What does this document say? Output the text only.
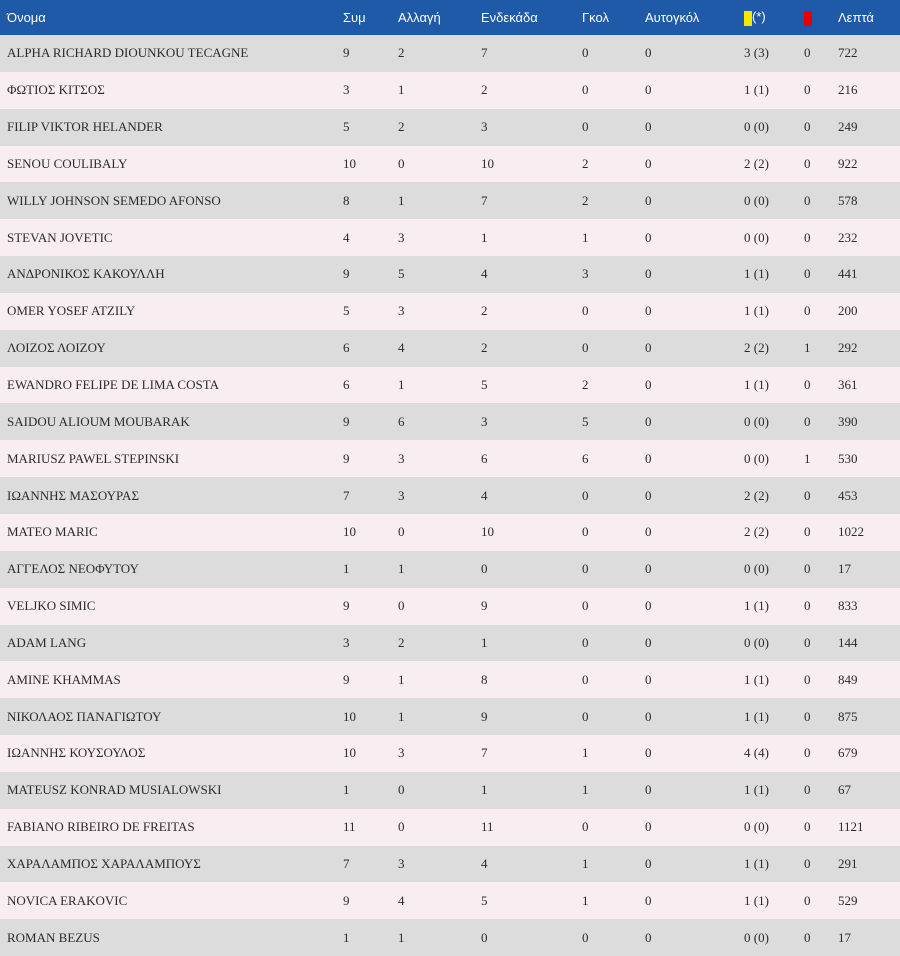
Όνομα	Συμ	Αλλαγή	Ενδεκάδα	Γκολ	Αυτογκόλ	(*)		Λεπτά
ALPHA RICHARD DIOUNKOU TECAGNE	9	2	7	0	0	3 (3)	0	722
ΦΩΤΙΟΣ ΚΙΤΣΟΣ	3	1	2	0	0	1 (1)	0	216
FILIP VIKTOR HELANDER	5	2	3	0	0	0 (0)	0	249
SENOU COULIBALY	10	0	10	2	0	2 (2)	0	922
WILLY JOHNSON SEMEDO AFONSO	8	1	7	2	0	0 (0)	0	578
STEVAN JOVETIC	4	3	1	1	0	0 (0)	0	232
ΑΝΔΡΟΝΙΚΟΣ ΚΑΚΟΥΛΛΗ	9	5	4	3	0	1 (1)	0	441
OMER YOSEF ATZILY	5	3	2	0	0	1 (1)	0	200
ΛΟΙΖΟΣ ΛΟΙΖΟΥ	6	4	2	0	0	2 (2)	1	292
EWANDRO FELIPE DE LIMA COSTA	6	1	5	2	0	1 (1)	0	361
SAIDOU ALIOUM MOUBARAK	9	6	3	5	0	0 (0)	0	390
MARIUSZ PAWEL STEPINSKI	9	3	6	6	0	0 (0)	1	530
ΙΩΑΝΝΗΣ ΜΑΣΟΥΡΑΣ	7	3	4	0	0	2 (2)	0	453
MATEO MARIC	10	0	10	0	0	2 (2)	0	1022
ΑΓΓΕΛΟΣ ΝΕΟΦΥΤΟΥ	1	1	0	0	0	0 (0)	0	17
VELJKO SIMIC	9	0	9	0	0	1 (1)	0	833
ADAM LANG	3	2	1	0	0	0 (0)	0	144
AMINE KHAMMAS	9	1	8	0	0	1 (1)	0	849
ΝΙΚΟΛΑΟΣ ΠΑΝΑΓΙΩΤΟΥ	10	1	9	0	0	1 (1)	0	875
ΙΩΑΝΝΗΣ ΚΟΥΣΟΥΛΟΣ	10	3	7	1	0	4 (4)	0	679
MATEUSZ KONRAD MUSIALOWSKI	1	0	1	1	0	1 (1)	0	67
FABIANO RIBEIRO DE FREITAS	11	0	11	0	0	0 (0)	0	1121
ΧΑΡΑΛΑΜΠΟΣ ΧΑΡΑΛΑΜΠΟΥΣ	7	3	4	1	0	1 (1)	0	291
NOVICA ERAKOVIC	9	4	5	1	0	1 (1)	0	529
ROMAN BEZUS	1	1	0	0	0	0 (0)	0	17
